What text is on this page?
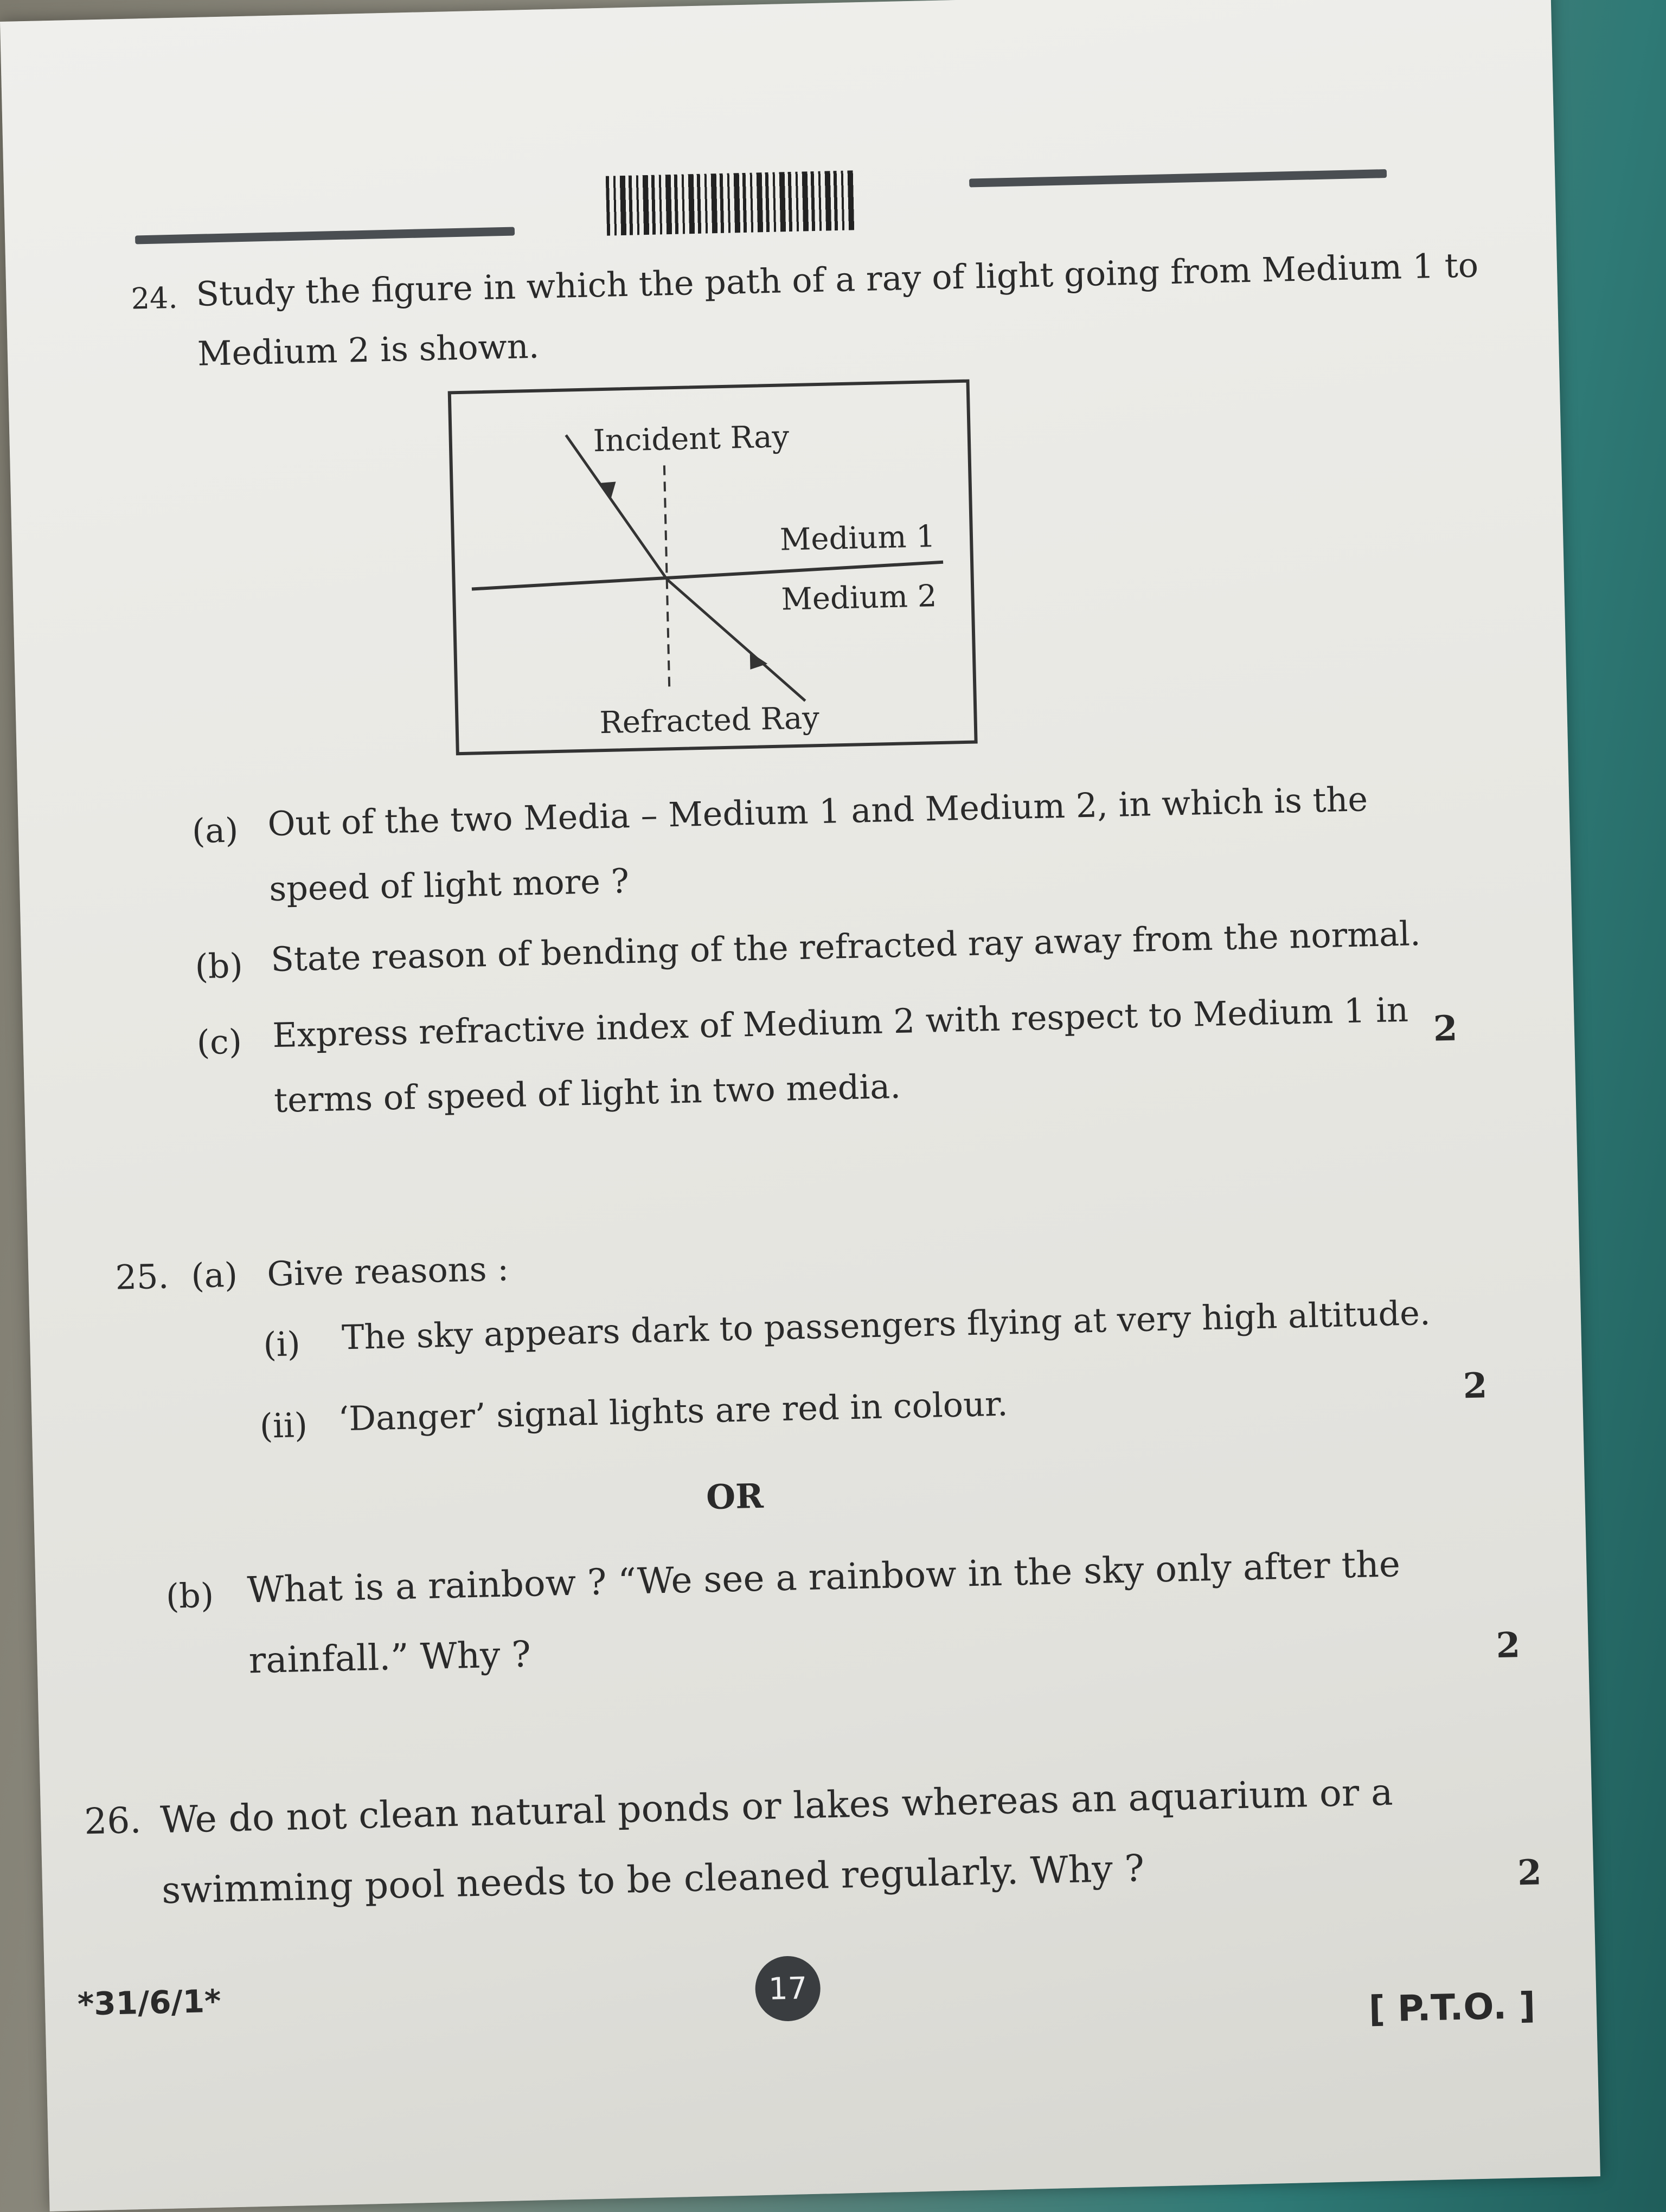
24. Study the figure in which the path of a ray of light going from Medium 1 to
Medium 2 is shown.
Incident Ray
Medium 1
Medium 2
Refracted Ray
(a) Out of the two Media – Medium 1 and Medium 2, in which is the
speed of light more ?
(b) State reason of bending of the refracted ray away from the normal.
(c) Express refractive index of Medium 2 with respect to Medium 1 in
terms of speed of light in two media.
2
25. (a) Give reasons :
(i) The sky appears dark to passengers flying at very high altitude.
(ii) ‘Danger’ signal lights are red in colour.	2
OR
(b) What is a rainbow ? “We see a rainbow in the sky only after the
rainfall.” Why ?	2
26. We do not clean natural ponds or lakes whereas an aquarium or a
swimming pool needs to be cleaned regularly. Why ?	2
*31/6/1*	17	[ P.T.O. ]
